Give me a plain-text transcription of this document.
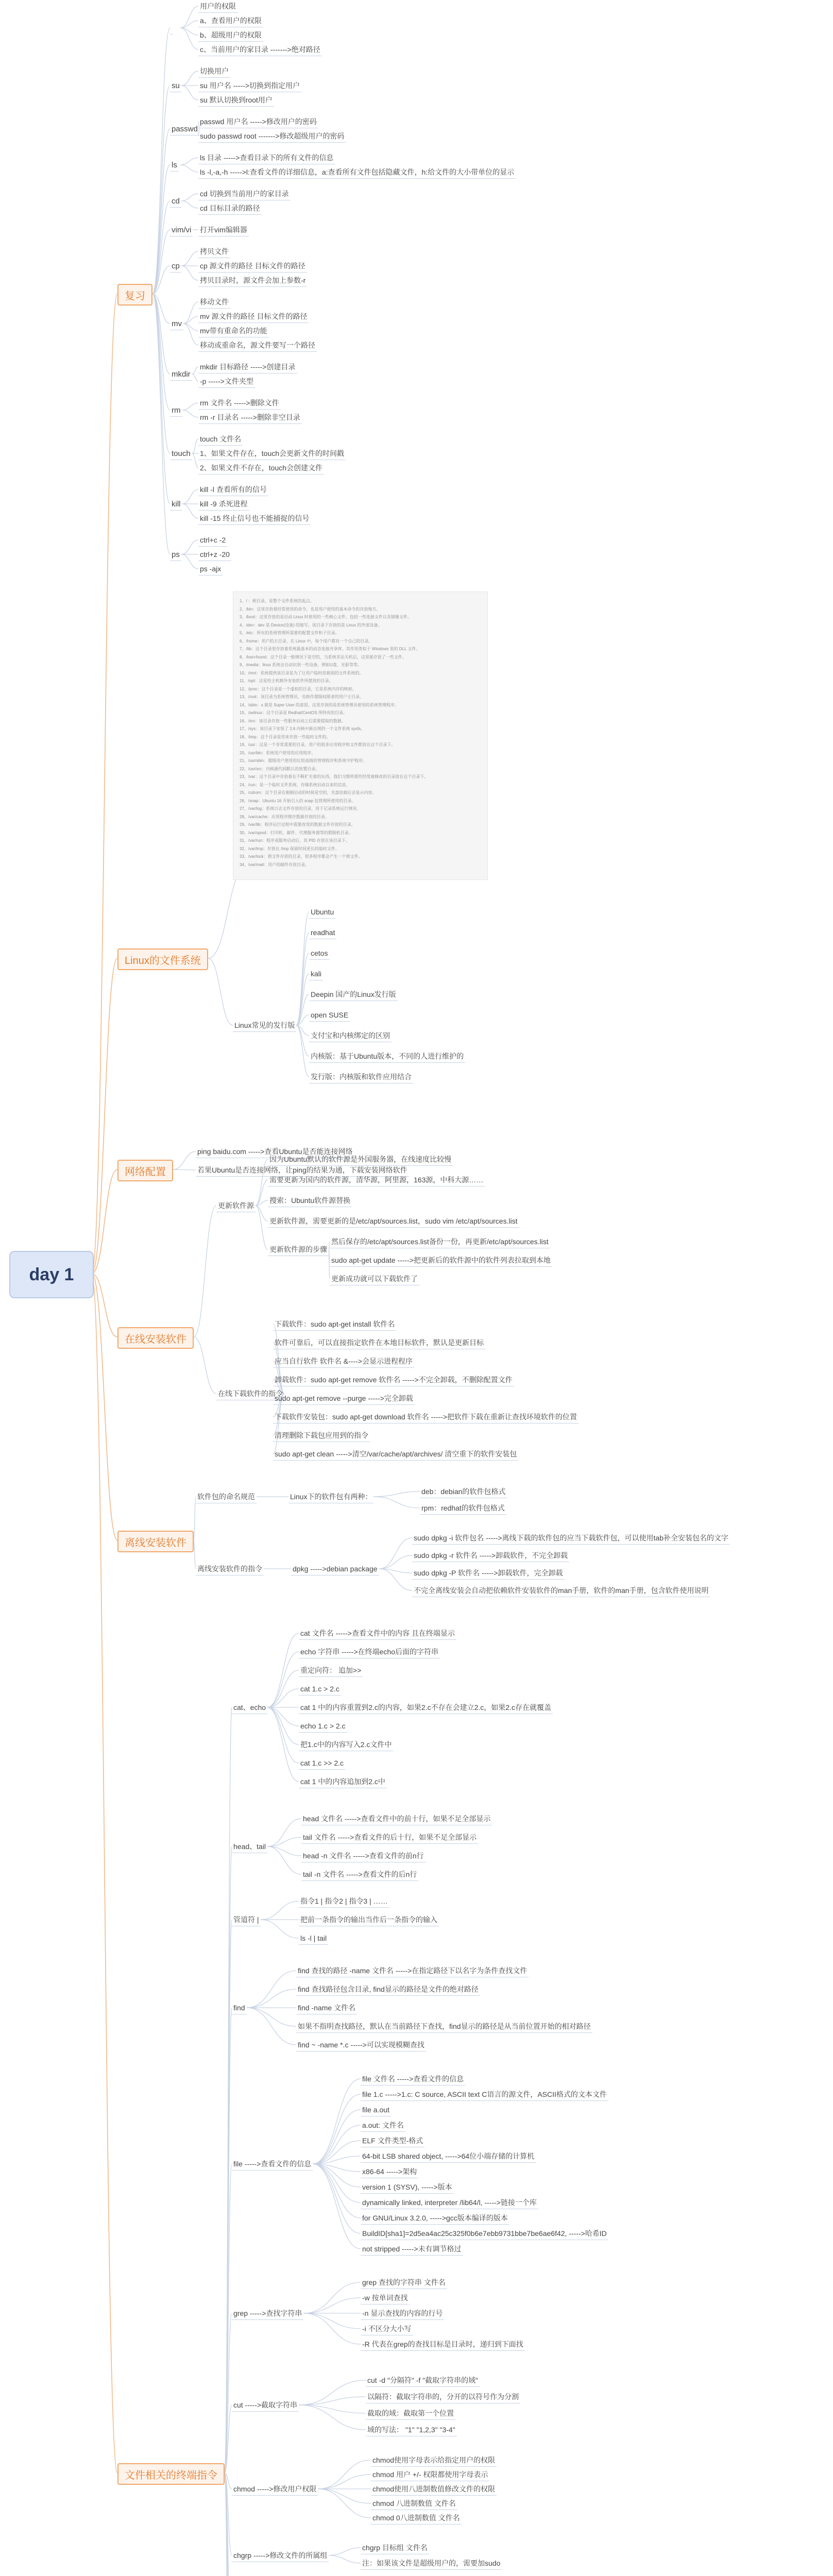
复习
用户的权限
a、查看用户的权限
b、超级用户的权限
c、当前用户的家目录 ------->绝对路径
su
切换用户
su 用户名 ----->切换到指定用户
su 默认切换到root用户
passwd
passwd 用户名 ----->修改用户的密码
sudo passwd root ------->修改超级用户的密码
ls
ls 目录 ----->查看目录下的所有文件的信息
ls -l,-a,-h ----->l:查看文件的详细信息，a:查看所有文件包括隐藏文件，h:给文件的大小带单位的显示
cd
cd 切换到当前用户的家目录
cd 目标目录的路径
vim/vi 打开vim编辑器
cp
拷贝文件
cp 源文件的路径 目标文件的路径
拷贝目录时，源文件会加上参数-r
mv
移动文件
mv 源文件的路径 目标文件的路径
mv带有重命名的功能
移动或重命名，源文件要写一个路径
mkdir
mkdir 目标路径 ----->创建目录
-p ----->文件夹型
rm
rm 文件名 ----->删除文件
rm -r 目录名 ----->删除非空目录
touch
touch 文件名
1、如果文件存在，touch会更新文件的时间戳
2、如果文件不存在，touch会创建文件
kill
kill -l 查看所有的信号
kill -9 杀死进程
kill -15 终止信号也不能捕捉的信号
ps
ctrl+c -2
ctrl+z -20
ps -ajx
Linux的文件系统
Linux常见的发行版
Ubuntu
readhat
cetos
kali
Deepin 国产的Linux发行版
open SUSE
支付宝和内核绑定的区别
内核版：基于Ubuntu版本，不同的人进行维护的
发行版：内核版和软件应用结合
网络配置
ping baidu.com ----->查看Ubuntu是否能连接网络
若果Ubuntu是否连接网络，让ping的结果为通，下载安装网络软件
在线安装软件
更新软件源
因为Ubuntu默认的软件源是外国服务器，在线速度比较慢
需要更新为国内的软件源，清华源，阿里源，163源，中科大源……
搜索：Ubuntu软件源替换
更新软件源，需要更新的是/etc/apt/sources.list，sudo vim /etc/apt/sources.list
更新软件源的步骤
然后保存的/etc/apt/sources.list备份一份，再更新/etc/apt/sources.list
sudo apt-get update ----->把更新后的软件源中的软件列表拉取到本地
更新成功就可以下载软件了
在线下载软件的指令
下载软件：sudo apt-get install 软件名
软件可靠后，可以直接指定软件在本地目标软件，默认是更新目标
应当自行软件 软件名 &---->会显示进程程序
卸载软件：sudo apt-get remove 软件名 ----->不完全卸载，不删除配置文件
sudo apt-get remove --purge ----->完全卸载
下载软件安装包：sudo apt-get download 软件名 ----->把软件下载在重新让查找环境软件的位置
清理删除下载包应用到的指令
sudo apt-get clean ----->清空/var/cache/apt/archives/ 清空重下的软件安装包
离线安装软件
软件包的命名规范	Linux下的软件包有两种：
deb：debian的软件包格式
rpm：redhat的软件包格式
离线安装软件的指令	dpkg ----->debian package
sudo dpkg -i 软件包名 ----->离线下载的软件包的应当下载软件包，可以使用tab补全安装包名的文字
sudo dpkg -r 软件名 ----->卸载软件，不完全卸载
sudo dpkg -P 软件名 ----->卸载软件，完全卸载
不完全离线安装会自动把依赖软件安装软件的man手册，软件的man手册，包含软件使用说明
文件相关的终端指令
cat、echo
cat 文件名 ----->查看文件中的内容 且在终端显示
echo 字符串 ----->在终端echo后面的字符串
重定向符： 追加>>
cat 1.c > 2.c
cat 1 中的内容重置到2.c的内容，如果2.c不存在会建立2.c，如果2.c存在就覆盖
echo 1.c > 2.c
把1.c中的内容写入2.c文件中
cat 1.c >> 2.c
cat 1 中的内容追加到2.c中
head、tail
head 文件名 ----->查看文件中的前十行，如果不足全部显示
tail 文件名 ----->查看文件的后十行，如果不足全部显示
head -n 文件名 ----->查看文件的前n行
tail -n 文件名 ----->查看文件的后n行
管道符 |
指令1 | 指令2 | 指令3 | ……
把前一条指令的输出当作后一条指令的输入
ls -l | tail
find
find 查找的路径 -name 文件名 ----->在指定路径下以名字为条件查找文件
find 查找路径包含目录, find显示的路径是文件的绝对路径
find -name 文件名
如果不指明查找路径，默认在当前路径下查找，find显示的路径是从当前位置开始的相对路径
find ~ -name *.c ----->可以实现模糊查找
file ----->查看文件的信息
file 文件名 ----->查看文件的信息
file 1.c ----->1.c: C source, ASCII text C语言的源文件，ASCII格式的文本文件
file a.out
a.out: 文件名
ELF 文件类型-格式
64-bit LSB shared object, ----->64位小端存储的计算机
x86-64 ----->架构
version 1 (SYSV), ----->版本
dynamically linked, interpreter /lib64/l, ----->链接一个库
for GNU/Linux 3.2.0, ----->gcc版本编译的版本
BuildID[sha1]=2d5ea4ac25c325f0b6e7ebb9731bbe7be6ae6f42, ----->哈希ID
not stripped ----->未有调节格过
grep ----->查找字符串
grep 查找的字符串 文件名
-w 按单词查找
-n 显示查找的内容的行号
-i 不区分大小写
-R 代表在grep的查找目标是目录时，递归到下面找
cut ----->截取字符串
cut -d "分隔符" -f "截取字符串的域"
以隔符：截取字符串的，分开的以符号作为分割
截取的域：截取第一个位置
域的写法： "1" "1,2,3" "3-4"
chmod ----->修改用户权限
chmod使用字母表示给指定用户的权限
chmod 用户 +/- 权限都使用字母表示
chmod使用八进制数值修改文件的权限
chmod 八进制数值 文件名
chmod 0八进制数值 文件名
chgrp ----->修改文件的所属组
chgrp 目标组 文件名
注：如果该文件是超级用户的，需要加sudo
day 1
1、/ ：根目录，是整个文件系统的起点。
2、/bin：这里存放着经常使用的命令，也是用户使用的基本命令的存放地方。
3、/boot：这里存放的是启动 Linux 时使用的一些核心文件，包括一些连接文件以及镜像文件。
4、/dev：dev 是 Device(设备) 的缩写，该目录下存放的是 Linux 的外部设备。
5、/etc：所有的系统管理所需要的配置文件和子目录。
6、/home：用户的主目录，在 Linux 中，每个用户都有一个自己的目录。
7、/lib：这个目录里存放着系统最基本的动态连接共享库，其作用类似于 Windows 里的 DLL 文件。
8、/lost+found：这个目录一般情况下是空的，当系统非法关机后，这里就存放了一些文件。
9、/media：linux 系统会自动识别一些设备，例如U盘、光驱等等。
10、/mnt：系统提供该目录是为了让用户临时挂载别的文件系统的。
11、/opt：这是给主机额外安装软件所摆放的目录。
12、/proc：这个目录是一个虚拟的目录，它是系统内存的映射。
13、/root：该目录为系统管理员，也称作超级权限者的用户主目录。
14、/sbin：s 就是 Super User 的意思，这里存放的是系统管理员使用的系统管理程序。
15、/selinux：这个目录是 Redhat/CentOS 所特有的目录。
16、/srv：该目录存放一些服务启动之后需要提取的数据。
17、/sys：该目录下安装了 2.6 内核中新出现的一个文件系统 sysfs。
18、/tmp：这个目录是用来存放一些临时文件的。
19、/usr：这是一个非常重要的目录，用户的很多应用程序和文件都放在这个目录下。
20、/usr/bin：系统用户使用的应用程序。
21、/usr/sbin：超级用户使用的比较高级的管理程序和系统守护程序。
22、/usr/src：内核源代码默认的放置目录。
23、/var：这个目录中存放着在不断扩充着的东西，我们习惯将那些经常被修改的目录放在这个目录下。
24、/run：是一个临时文件系统，存储系统启动以来的信息。
25、/cdrom：这个目录在刚刚启动的时候是空的，光盘挂载后会显示内容。
26、/snap：Ubuntu 16 开始引入的 snap 包管理所使用的目录。
27、/var/log：系统日志文件存放的目录，用于记录系统运行情况。
28、/var/cache：应用程序缓存数据存放的目录。
29、/var/lib：程序运行过程中需要改变的数据文件存放的目录。
30、/var/spool：打印机、邮件、代理服务器等的假脱机目录。
31、/var/run：程序或服务启动后，其 PID 存放在该目录下。
32、/var/tmp：存放比 /tmp 保留时间更长的临时文件。
33、/var/lock：锁文件存放的目录，很多程序都会产生一个锁文件。
34、/var/mail：用户的邮件存放目录。
